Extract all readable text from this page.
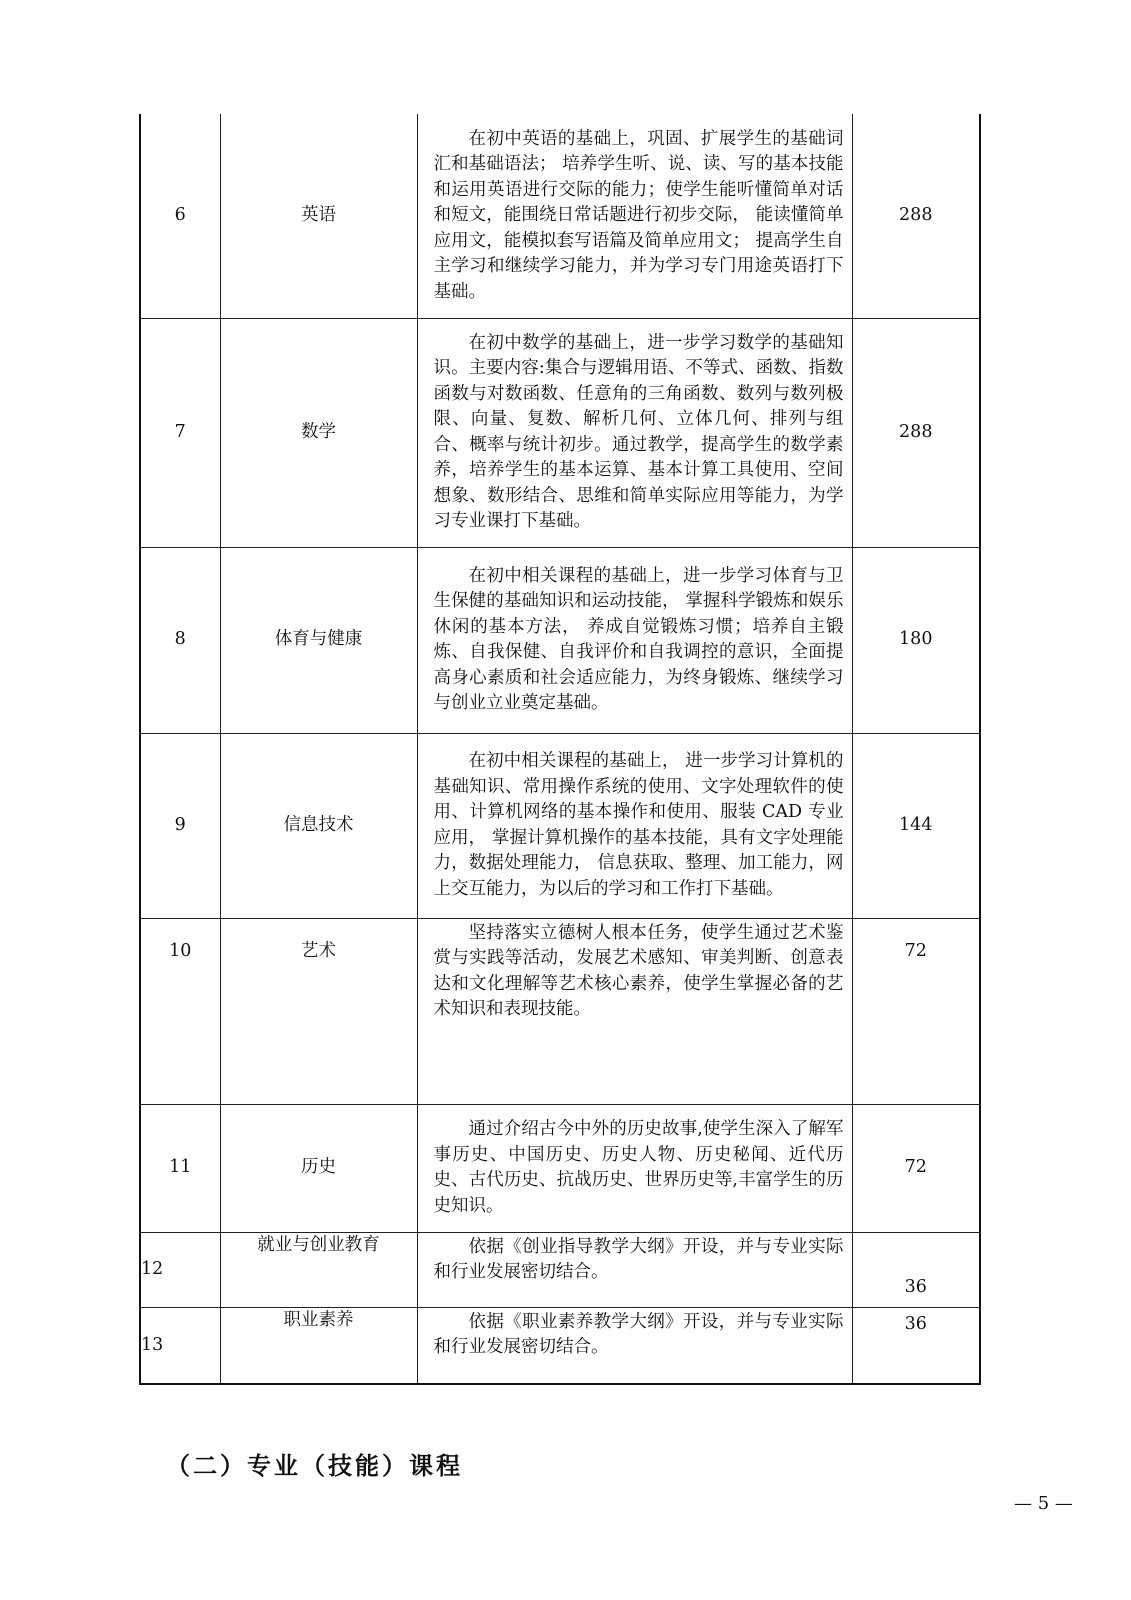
6	英语	在初中英语的基础上，巩固、扩展学生的基础词汇和基础语法； 培养学生听、说、读、写的基本技能和运用英语进行交际的能力；使学生能听懂简单对话和短文，能围绕日常话题进行初步交际， 能读懂简单应用文，能模拟套写语篇及简单应用文； 提高学生自主学习和继续学习能力，并为学习专门用途英语打下基础。	288
7	数学	在初中数学的基础上，进一步学习数学的基础知识。主要内容:集合与逻辑用语、不等式、函数、指数函数与对数函数、任意角的三角函数、数列与数列极限、向量、复数、解析几何、立体几何、排列与组合、概率与统计初步。通过教学，提高学生的数学素养，培养学生的基本运算、基本计算工具使用、空间想象、数形结合、思维和简单实际应用等能力，为学习专业课打下基础。	288
8	体育与健康	在初中相关课程的基础上，进一步学习体育与卫生保健的基础知识和运动技能， 掌握科学锻炼和娱乐休闲的基本方法， 养成自觉锻炼习惯；培养自主锻炼、自我保健、自我评价和自我调控的意识，全面提高身心素质和社会适应能力，为终身锻炼、继续学习与创业立业奠定基础。	180
9	信息技术	在初中相关课程的基础上， 进一步学习计算机的基础知识、常用操作系统的使用、文字处理软件的使用、计算机网络的基本操作和使用、服装 CAD 专业应用， 掌握计算机操作的基本技能，具有文字处理能力，数据处理能力， 信息获取、整理、加工能力，网上交互能力，为以后的学习和工作打下基础。	144
10	艺术	坚持落实立德树人根本任务，使学生通过艺术鉴赏与实践等活动，发展艺术感知、审美判断、创意表达和文化理解等艺术核心素养，使学生掌握必备的艺术知识和表现技能。	72
11	历史	通过介绍古今中外的历史故事,使学生深入了解军事历史、中国历史、历史人物、历史秘闻、近代历史、古代历史、抗战历史、世界历史等,丰富学生的历史知识。	72
12	就业与创业教育	依据《创业指导教学大纲》开设，并与专业实际和行业发展密切结合。	36
13	职业素养	依据《职业素养教学大纲》开设，并与专业实际和行业发展密切结合。	36
（二）专业（技能）课程
— 5 —
